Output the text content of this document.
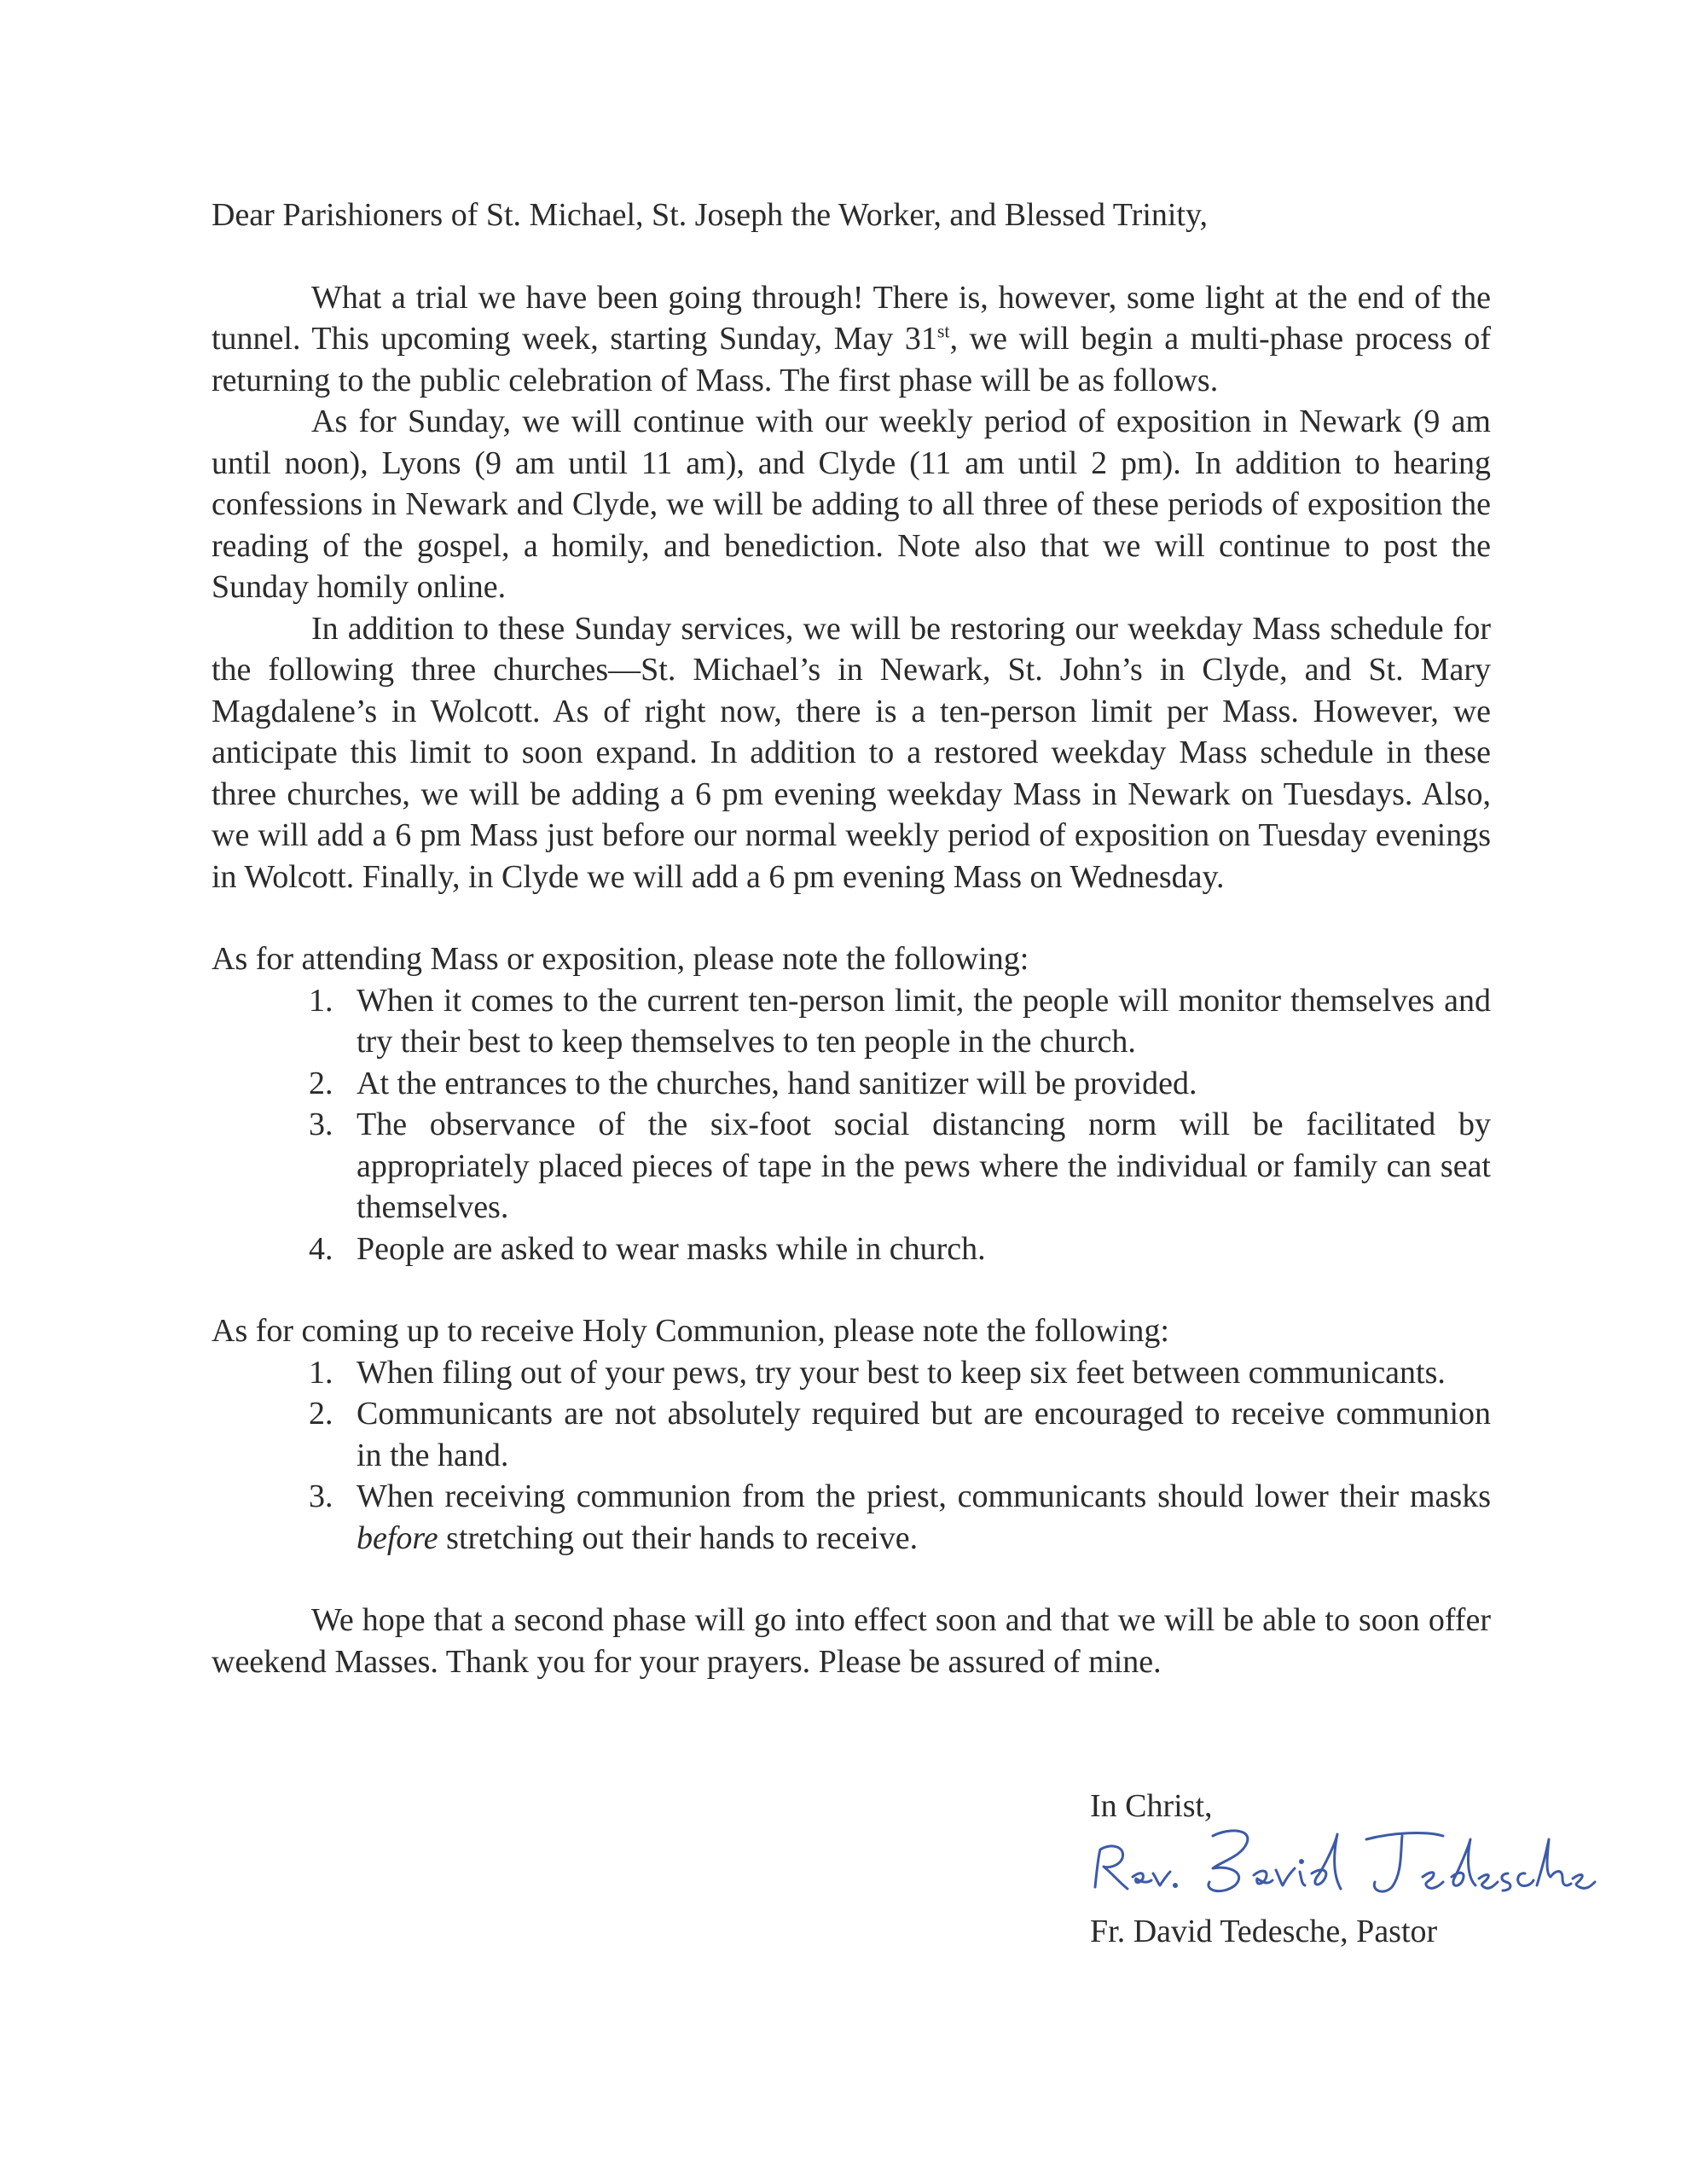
Dear Parishioners of St. Michael, St. Joseph the Worker, and Blessed Trinity,

What a trial we have been going through! There is, however, some light at the end of the tunnel. This upcoming week, starting Sunday, May 31st, we will begin a multi-phase process of returning to the public celebration of Mass. The first phase will be as follows.

As for Sunday, we will continue with our weekly period of exposition in Newark (9 am until noon), Lyons (9 am until 11 am), and Clyde (11 am until 2 pm). In addition to hearing confessions in Newark and Clyde, we will be adding to all three of these periods of exposition the reading of the gospel, a homily, and benediction. Note also that we will continue to post the Sunday homily online.

In addition to these Sunday services, we will be restoring our weekday Mass schedule for the following three churches—St. Michael’s in Newark, St. John’s in Clyde, and St. Mary Magdalene’s in Wolcott. As of right now, there is a ten-person limit per Mass. However, we anticipate this limit to soon expand. In addition to a restored weekday Mass schedule in these three churches, we will be adding a 6 pm evening weekday Mass in Newark on Tuesdays. Also, we will add a 6 pm Mass just before our normal weekly period of exposition on Tuesday evenings in Wolcott. Finally, in Clyde we will add a 6 pm evening Mass on Wednesday.

As for attending Mass or exposition, please note the following:

1. When it comes to the current ten-person limit, the people will monitor themselves and try their best to keep themselves to ten people in the church.
2. At the entrances to the churches, hand sanitizer will be provided.
3. The observance of the six-foot social distancing norm will be facilitated by appropriately placed pieces of tape in the pews where the individual or family can seat themselves.
4. People are asked to wear masks while in church.

As for coming up to receive Holy Communion, please note the following:

1. When filing out of your pews, try your best to keep six feet between communicants.
2. Communicants are not absolutely required but are encouraged to receive communion in the hand.
3. When receiving communion from the priest, communicants should lower their masks before stretching out their hands to receive.

We hope that a second phase will go into effect soon and that we will be able to soon offer weekend Masses. Thank you for your prayers. Please be assured of mine.

In Christ,
Fr. David Tedesche, Pastor
